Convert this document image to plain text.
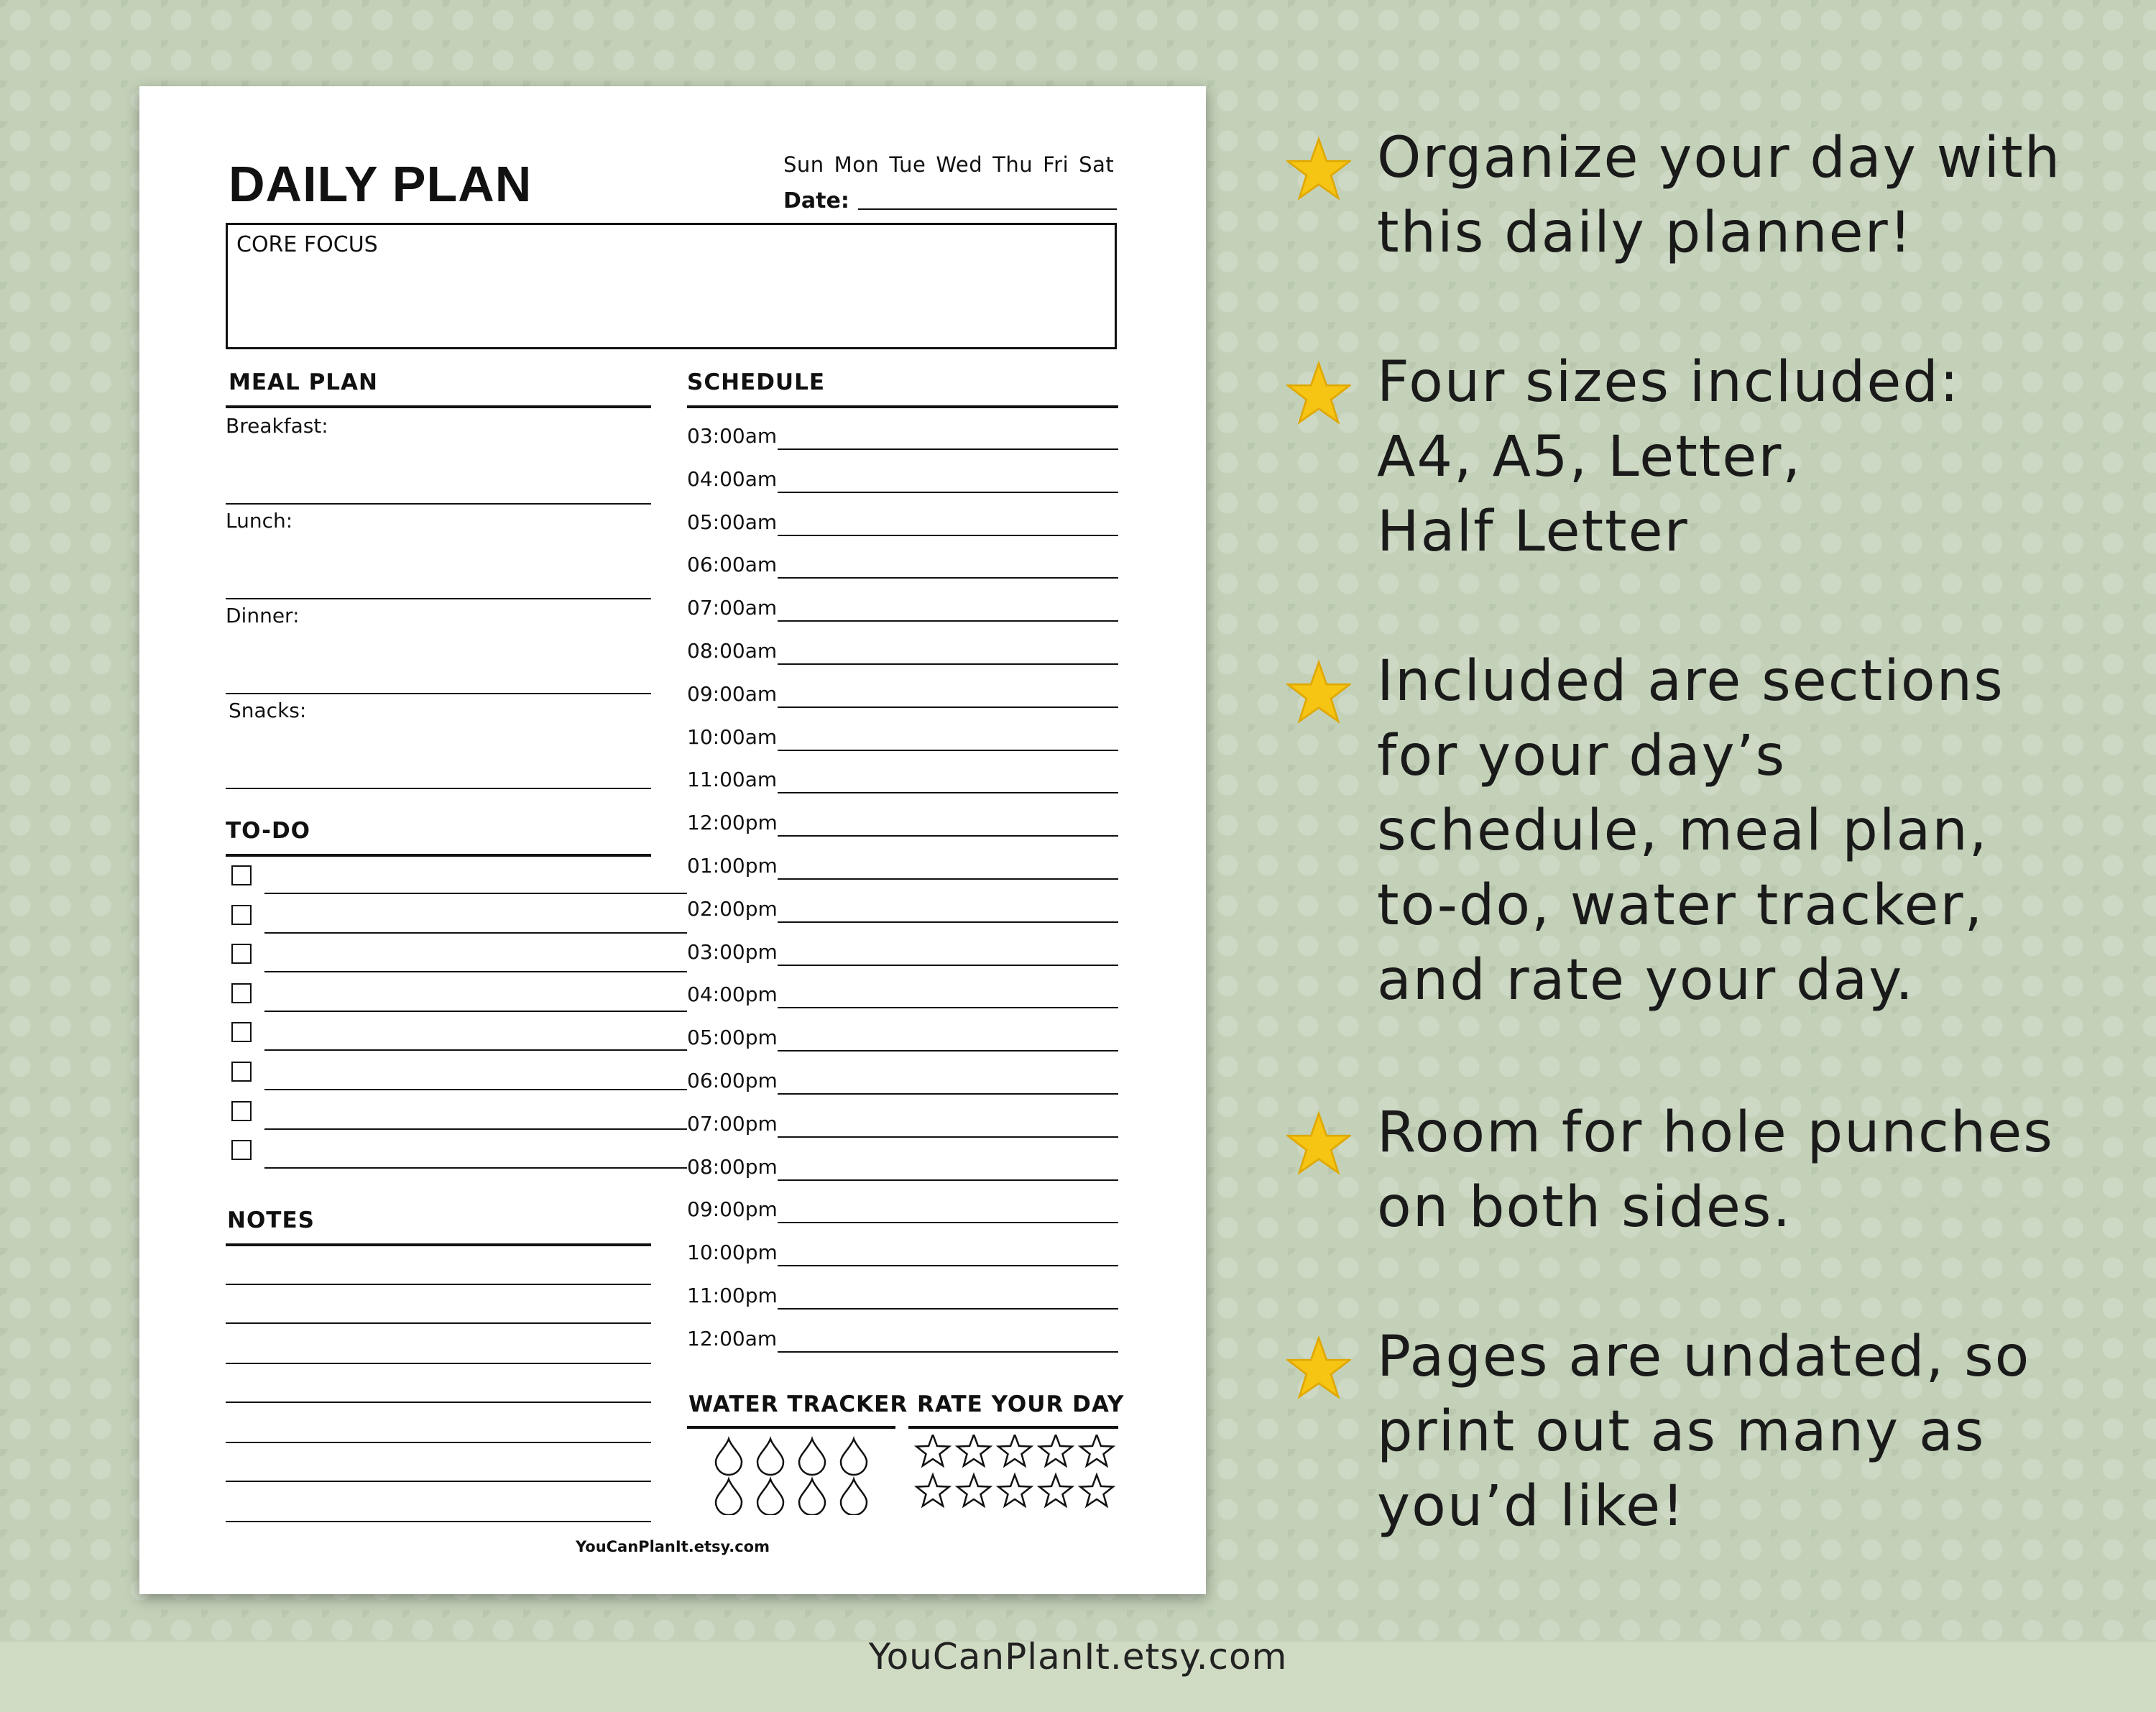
DAILY PLAN	Sun Mon Tue Wed Thu Fri Sat
Date:
CORE FOCUS
MEAL PLAN
Breakfast:
Lunch:
Dinner:
Snacks:
TO-DO
NOTES
SCHEDULE
03:00am
04:00am
05:00am
06:00am
07:00am
08:00am
09:00am
10:00am
11:00am
12:00pm
01:00pm
02:00pm
03:00pm
04:00pm
05:00pm
06:00pm
07:00pm
08:00pm
09:00pm
10:00pm
11:00pm
12:00am
WATER TRACKER RATE YOUR DAY
YouCanPlanIt.etsy.com
Organize your day with
this daily planner!
Four sizes included:
A4, A5, Letter,
Half Letter
Included are sections
for your day’s
schedule, meal plan,
to-do, water tracker,
and rate your day.
Room for hole punches
on both sides.
Pages are undated, so
print out as many as
you’d like!
YouCanPlanIt.etsy.com
